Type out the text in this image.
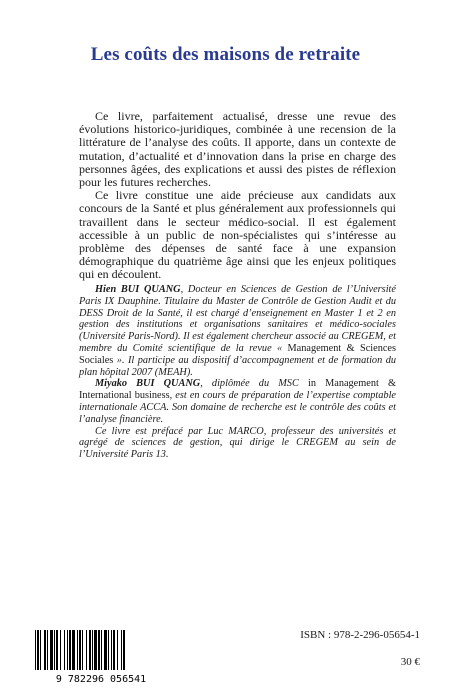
Les coûts des maisons de retraite

Ce livre, parfaitement actualisé, dresse une revue des évolutions historico-juridiques, combinée à une recension de la littérature de l’analyse des coûts. Il apporte, dans un contexte de mutation, d’actualité et d’innovation dans la prise en charge des personnes âgées, des explications et aussi des pistes de réflexion pour les futures recherches.

Ce livre constitue une aide précieuse aux candidats aux concours de la Santé et plus généralement aux professionnels qui travaillent dans le secteur médico-social. Il est également accessible à un public de non-spécialistes qui s’intéresse au problème des dépenses de santé face à une expansion démographique du quatrième âge ainsi que les enjeux politiques qui en découlent.

Hien BUI QUANG, Docteur en Sciences de Gestion de l’Université Paris IX Dauphine. Titulaire du Master de Contrôle de Gestion Audit et du DESS Droit de la Santé, il est chargé d’enseignement en Master 1 et 2 en gestion des institutions et organisations sanitaires et médico-sociales (Université Paris-Nord). Il est également chercheur associé au CREGEM, et membre du Comité scientifique de la revue « Management & Sciences Sociales ». Il participe au dispositif d’accompagnement et de formation du plan hôpital 2007 (MEAH).

Miyako BUI QUANG, diplômée du MSC in Management & International business, est en cours de préparation de l’expertise comptable internationale ACCA. Son domaine de recherche est le contrôle des coûts et l’analyse financière.

Ce livre est préfacé par Luc MARCO, professeur des universités et agrégé de sciences de gestion, qui dirige le CREGEM au sein de l’Université Paris 13.

9 782296 056541
ISBN : 978-2-296-05654-1
30 €
